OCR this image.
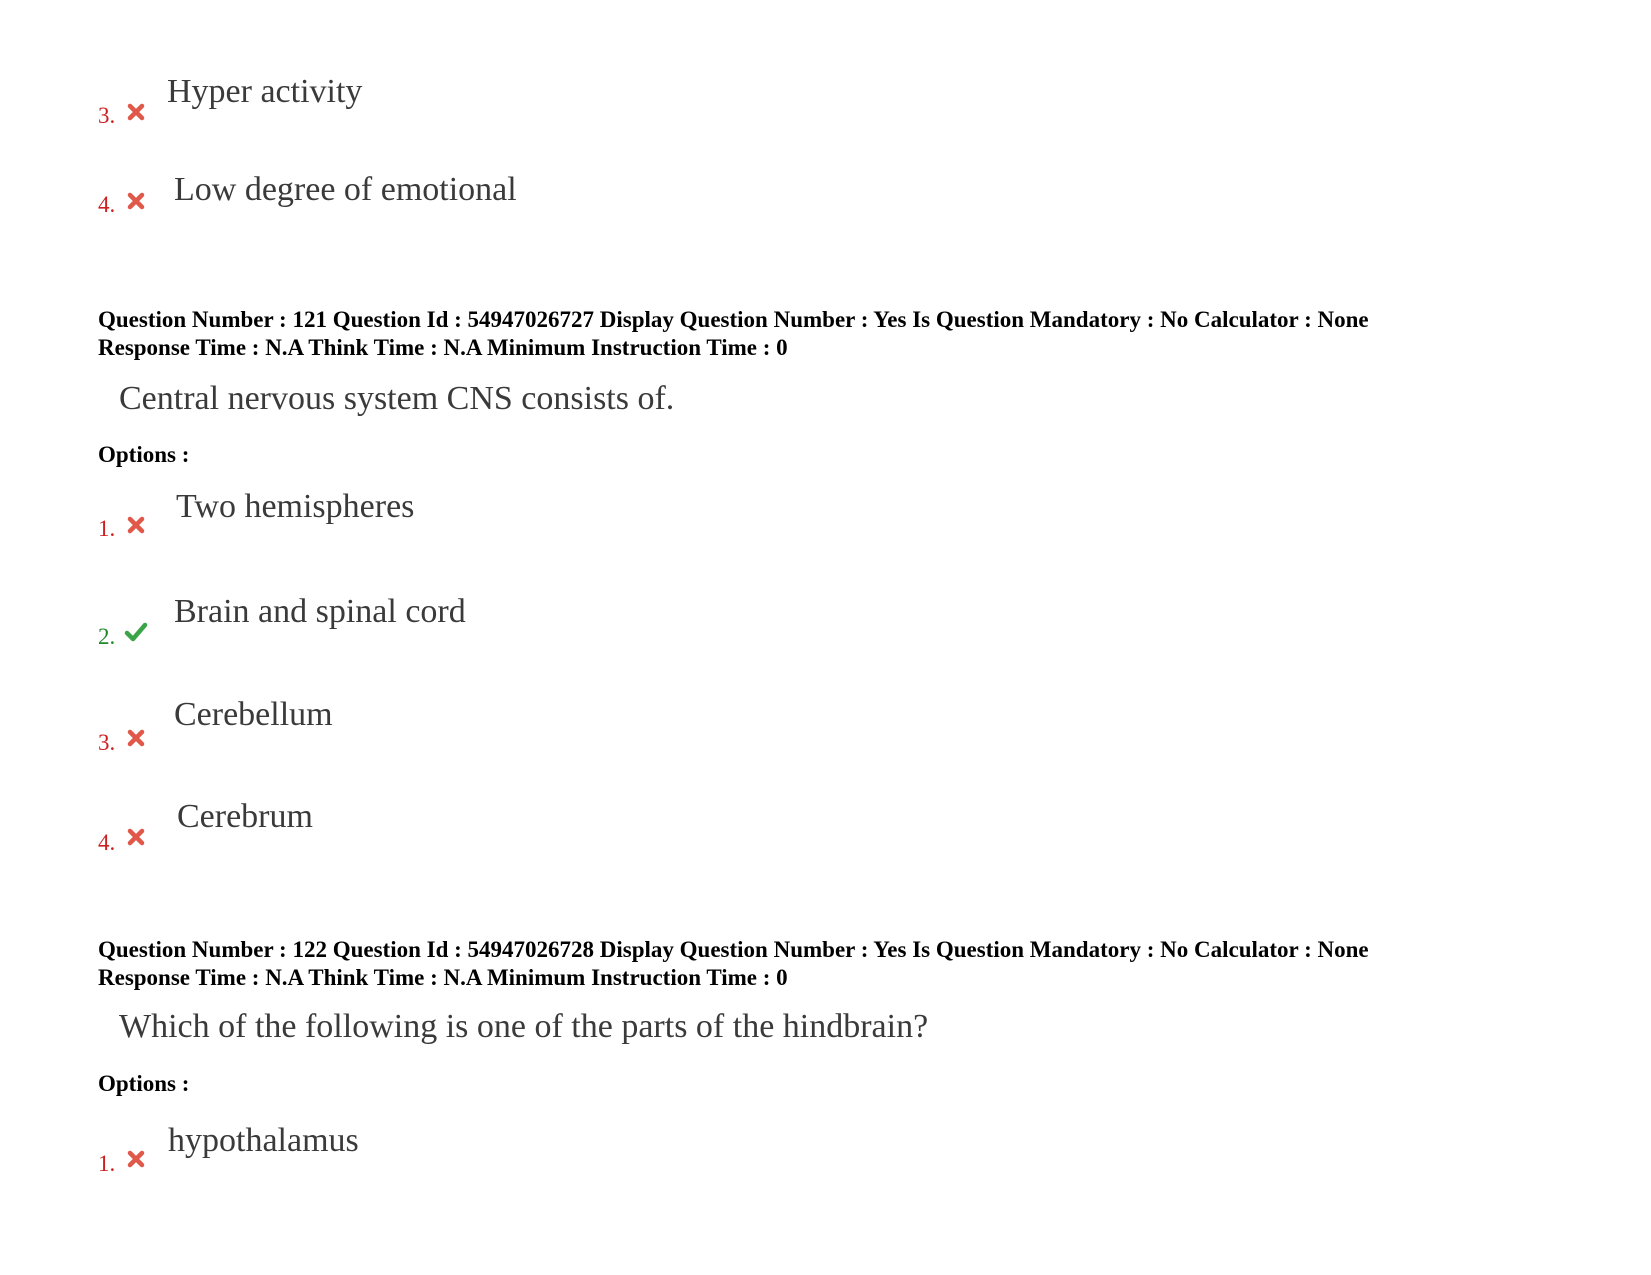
3.
Hyper activity
4. Low degree of emotional
Question Number : 121 Question Id : 54947026727 Display Question Number : Yes Is Question Mandatory : No Calculator : None
Response Time : N.A Think Time : N.A Minimum Instruction Time : 0
Central nervous system CNS consists of.
Options :
1.
Two hemispheres
2.
Brain and spinal cord
3.
Cerebellum
4.
Cerebrum
Question Number : 122 Question Id : 54947026728 Display Question Number : Yes Is Question Mandatory : No Calculator : None
Response Time : N.A Think Time : N.A Minimum Instruction Time : 0
Which of the following is one of the parts of the hindbrain?
Options :
1.
hypothalamus
